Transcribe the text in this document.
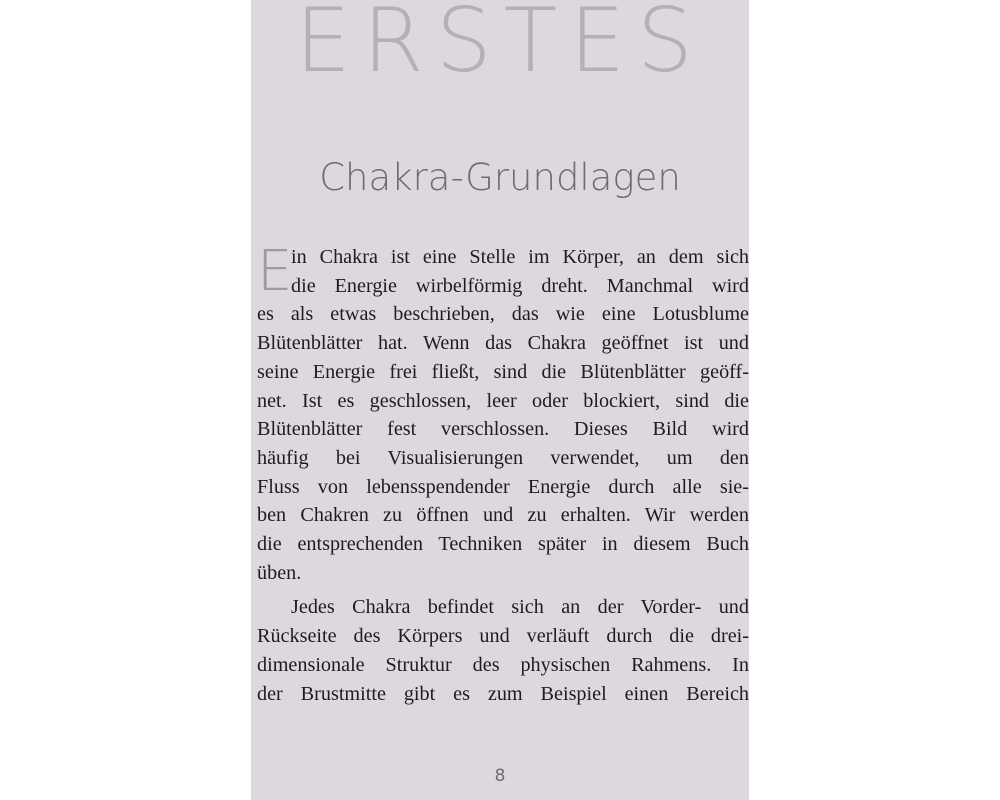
ERSTES
Chakra-Grundlagen
E
in Chakra ist eine Stelle im Körper, an dem sich
die Energie wirbelförmig dreht. Manchmal wird
es als etwas beschrieben, das wie eine Lotusblume
Blütenblätter hat. Wenn das Chakra geöffnet ist und
seine Energie frei fließt, sind die Blütenblätter geöff-
net. Ist es geschlossen, leer oder blockiert, sind die
Blütenblätter fest verschlossen. Dieses Bild wird
häufig bei Visualisierungen verwendet, um den
Fluss von lebensspendender Energie durch alle sie-
ben Chakren zu öffnen und zu erhalten. Wir werden
die entsprechenden Techniken später in diesem Buch
üben.
Jedes Chakra befindet sich an der Vorder- und
Rückseite des Körpers und verläuft durch die drei-
dimensionale Struktur des physischen Rahmens. In
der Brustmitte gibt es zum Beispiel einen Bereich
8
